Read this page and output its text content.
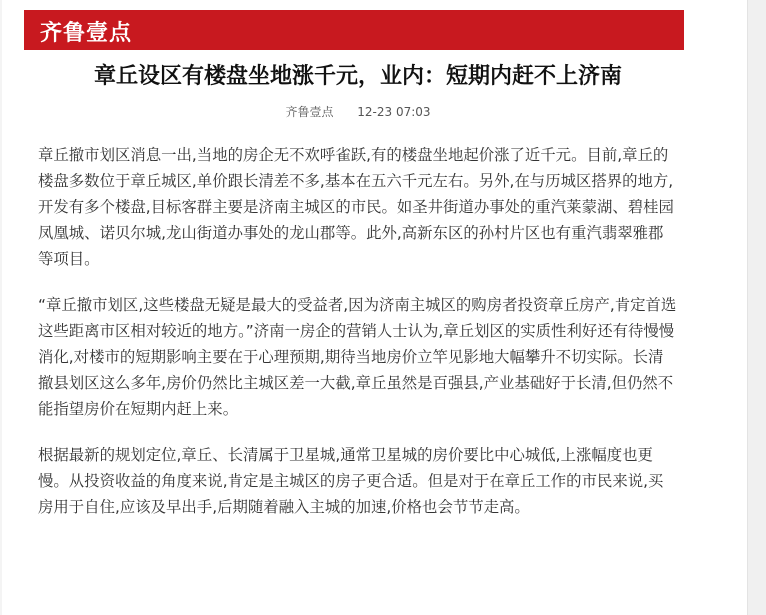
齐鲁壹点
章丘设区有楼盘坐地涨千元，业内：短期内赶不上济南
齐鲁壹点 12-23 07:03

章丘撤市划区消息一出,当地的房企无不欢呼雀跃,有的楼盘坐地起价涨了近千元。目前,章丘的楼盘多数位于章丘城区,单价跟长清差不多,基本在五六千元左右。另外,在与历城区搭界的地方,开发有多个楼盘,目标客群主要是济南主城区的市民。如圣井街道办事处的重汽莱蒙湖、碧桂园凤凰城、诺贝尔城,龙山街道办事处的龙山郡等。此外,高新东区的孙村片区也有重汽翡翠雅郡等项目。

“章丘撤市划区,这些楼盘无疑是最大的受益者,因为济南主城区的购房者投资章丘房产,肯定首选这些距离市区相对较近的地方。”济南一房企的营销人士认为,章丘划区的实质性利好还有待慢慢消化,对楼市的短期影响主要在于心理预期,期待当地房价立竿见影地大幅攀升不切实际。长清撤县划区这么多年,房价仍然比主城区差一大截,章丘虽然是百强县,产业基础好于长清,但仍然不能指望房价在短期内赶上来。

根据最新的规划定位,章丘、长清属于卫星城,通常卫星城的房价要比中心城低,上涨幅度也更慢。从投资收益的角度来说,肯定是主城区的房子更合适。但是对于在章丘工作的市民来说,买房用于自住,应该及早出手,后期随着融入主城的加速,价格也会节节走高。
